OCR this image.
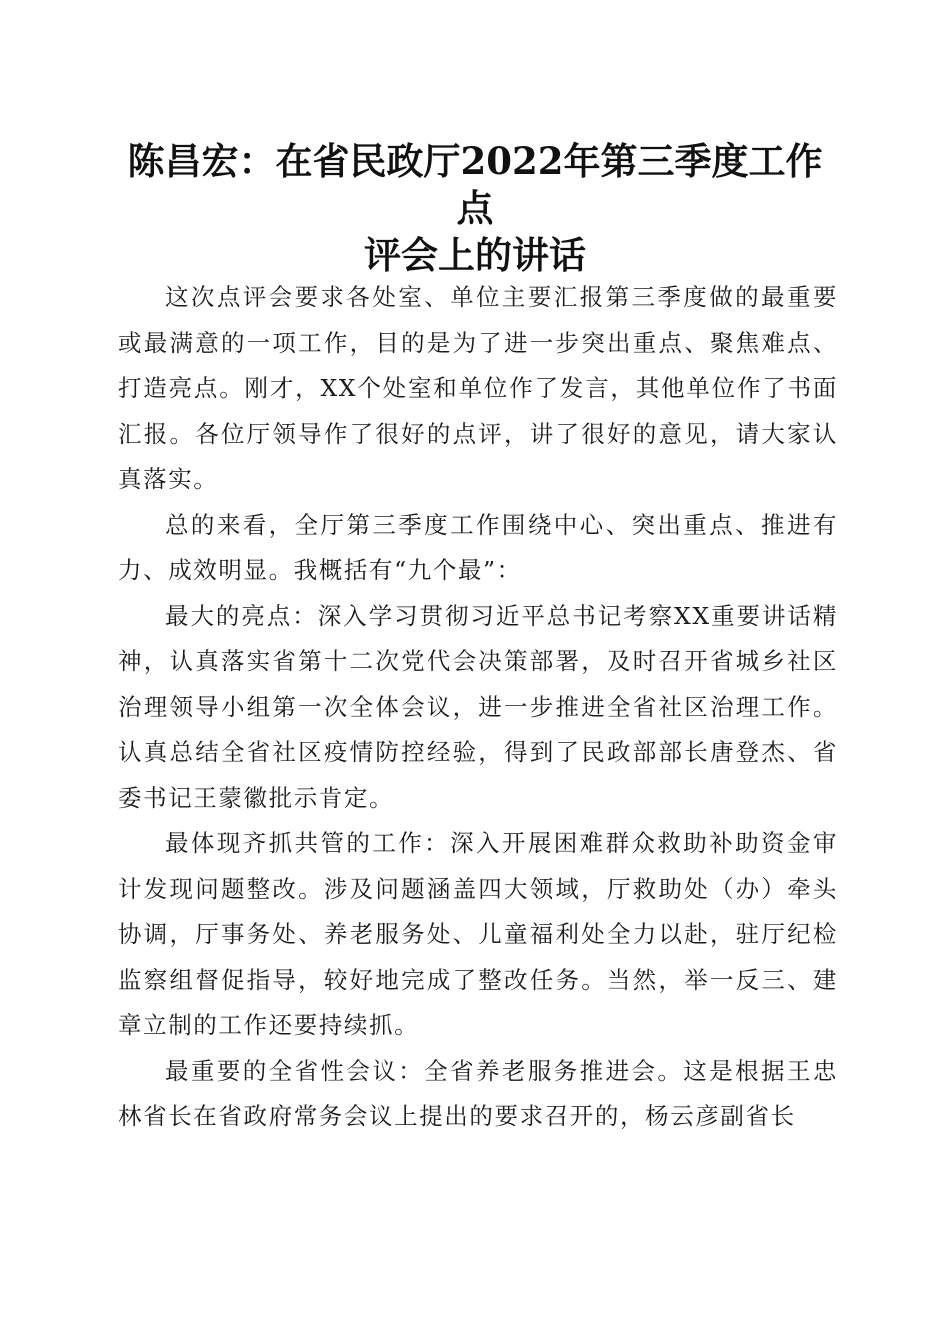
陈昌宏：在省民政厅2022年第三季度工作点
评会上的讲话

这次点评会要求各处室、单位主要汇报第三季度做的最重要或最满意的一项工作，目的是为了进一步突出重点、聚焦难点、打造亮点。刚才，XX个处室和单位作了发言，其他单位作了书面汇报。各位厅领导作了很好的点评，讲了很好的意见，请大家认真落实。

总的来看，全厅第三季度工作围绕中心、突出重点、推进有力、成效明显。我概括有“九个最”：

最大的亮点：深入学习贯彻习近平总书记考察XX重要讲话精神，认真落实省第十二次党代会决策部署，及时召开省城乡社区治理领导小组第一次全体会议，进一步推进全省社区治理工作。认真总结全省社区疫情防控经验，得到了民政部部长唐登杰、省委书记王蒙徽批示肯定。

最体现齐抓共管的工作：深入开展困难群众救助补助资金审计发现问题整改。涉及问题涵盖四大领域，厅救助处（办）牵头协调，厅事务处、养老服务处、儿童福利处全力以赴，驻厅纪检监察组督促指导，较好地完成了整改任务。当然，举一反三、建章立制的工作还要持续抓。

最重要的全省性会议：全省养老服务推进会。这是根据王忠林省长在省政府常务会议上提出的要求召开的，杨云彦副省长
